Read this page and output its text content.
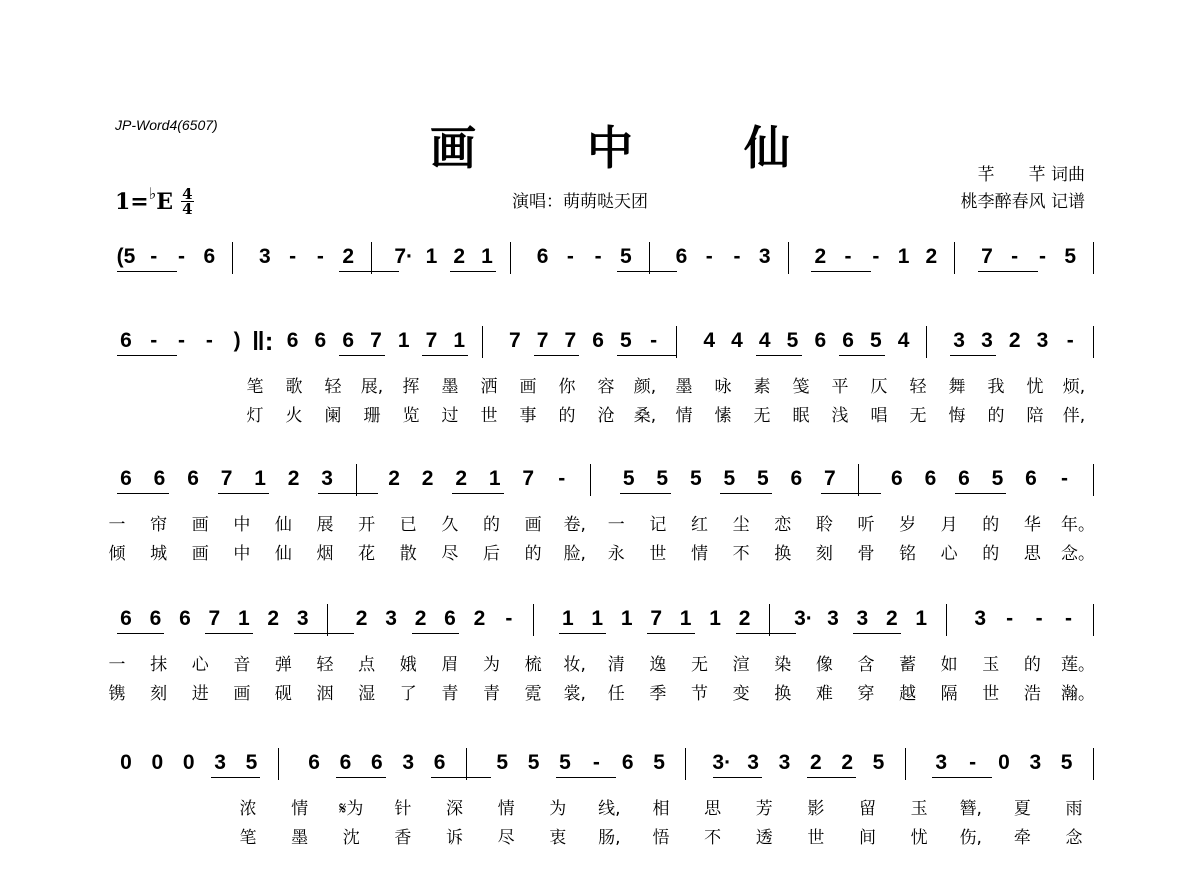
JP-Word4(6507)	画 中 仙
1= ♭ E $\frac{4}{4}$	演唱：萌萌哒天团
芊　　芊 词曲
桃李醉春风 记谱
(5 - - 6 3 - - 2 7· 1 2 1 6 - - 5 6 - - 3 2 - - 1 2 7 - - 5
6 - - - ) ‖: 6 6 6 7 1 7 1 7 7 7 6 5 -	4 4 4 5 6 6 5 4 3 3 2 3 -
笔 歌 轻 展, 挥 墨 洒 画 你 容 颜, 墨 咏 素 笺 平 仄 轻 舞 我 忧 烦,
灯 火 阑 珊 览 过 世 事 的 沧 桑, 情 愫 无 眠 浅 唱 无 悔 的 陪 伴,
6 6 6 7 1 2 3	2 2 2 1 7	-	5 5 5 5 5 6 7	6 6 6 5 6	-
一 帘 画 中 仙 展 开 已 久 的 画 卷, 一 记 红 尘 恋 聆 听 岁 月 的 华 年。
倾 城 画 中 仙 烟 花 散 尽 后 的 脸, 永 世 情 不 换 刻 骨 铭 心 的 思 念。
6 6 6 7 1 2 3 2 3 2 6 2 -	1 1 1 7 1 1 2 3· 3 3 2 1 3 -	-	-
一 抹 心 音 弹 轻 点 娥 眉 为 梳 妆, 清 逸 无 渲 染 像 含 蓄 如 玉 的 莲。
镌 刻 进 画 砚 洇 湿 了 青 青 霓 裳, 任 季 节 变 换 难 穿 越 隔 世 浩 瀚。
0 0 0 3 5 6 6 6 3 6 5 5 5	-	6 5 3· 3 3 2 2 5 3	-	0 3 5
浓 情 𝄋为 针 深 情 为 线, 相 思 芳 影 留 玉 簪, 夏 雨
笔 墨 沈 香 诉 尽 衷 肠, 悟 不 透 世 间 忧 伤, 牵 念
